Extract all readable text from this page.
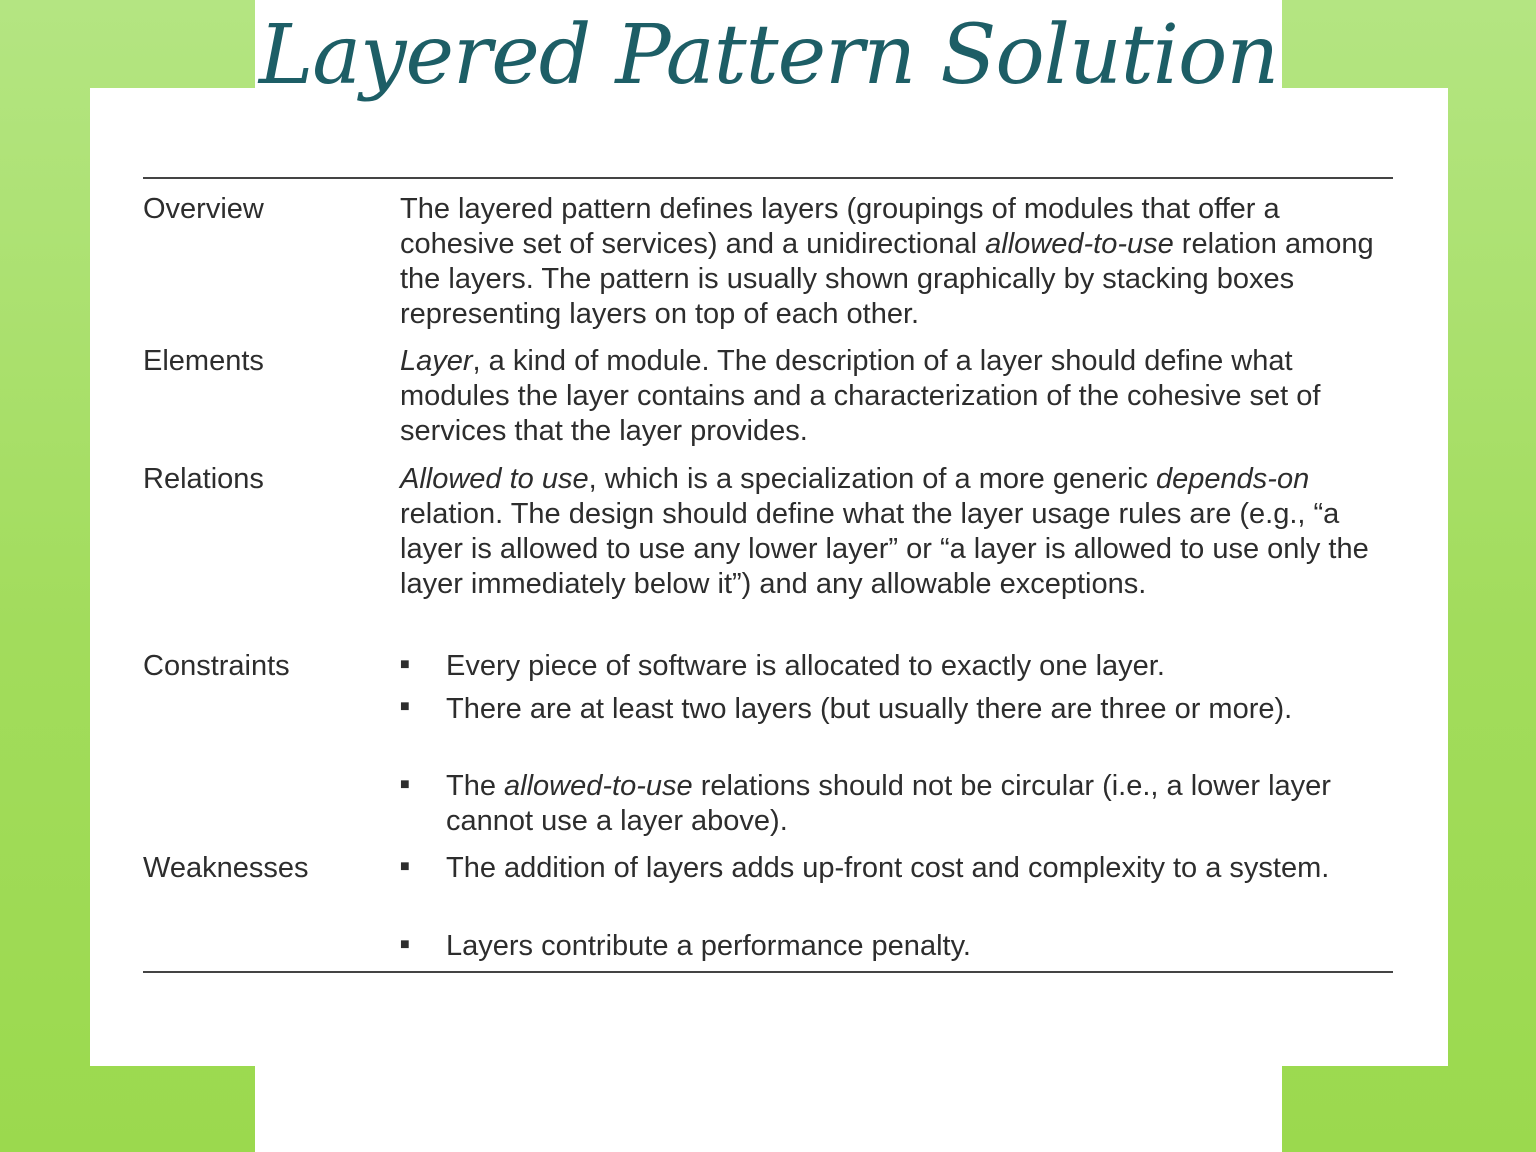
Layered Pattern Solution
Overview	The layered pattern defines layers (groupings of modules that offer a cohesive set of services) and a unidirectional allowed-to-use relation among the layers. The pattern is usually shown graphically by stacking boxes representing layers on top of each other.
Elements	Layer, a kind of module. The description of a layer should define what modules the layer contains and a characterization of the cohesive set of services that the layer provides.
Relations	Allowed to use, which is a specialization of a more generic depends-on relation. The design should define what the layer usage rules are (e.g., “a layer is allowed to use any lower layer” or “a layer is allowed to use only the layer immediately below it”) and any allowable exceptions.
Constraints	■ Every piece of software is allocated to exactly one layer.
■ There are at least two layers (but usually there are three or more).
■ The allowed-to-use relations should not be circular (i.e., a lower layer cannot use a layer above).
Weaknesses	■ The addition of layers adds up-front cost and complexity to a system.
■ Layers contribute a performance penalty.
